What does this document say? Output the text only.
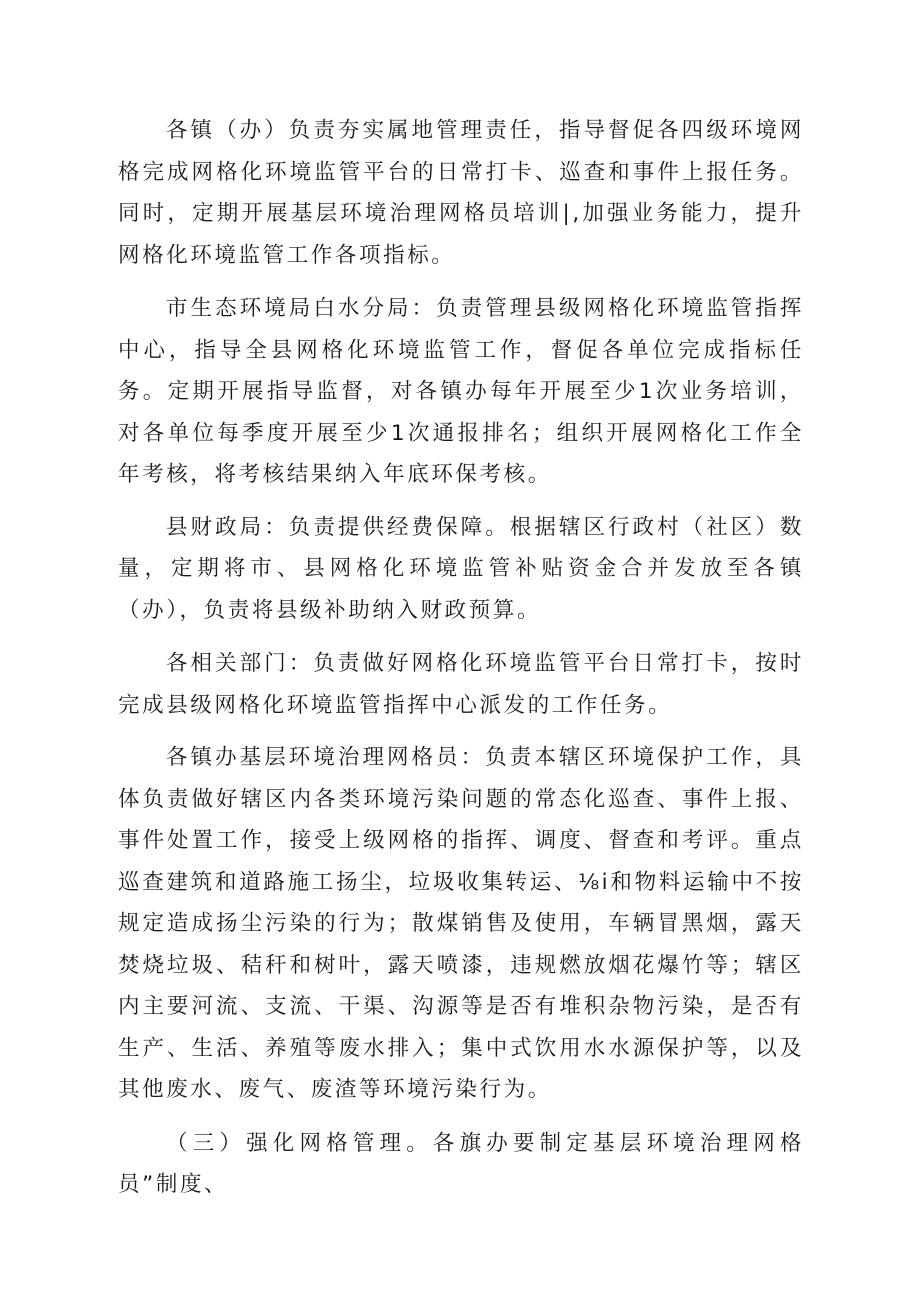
各镇（办）负责夯实属地管理责任，指导督促各四级环境网格完成网格化环境监管平台的日常打卡、巡查和事件上报任务。同时，定期开展基层环境治理网格员培训|,加强业务能力，提升网格化环境监管工作各项指标。

市生态环境局白水分局：负责管理县级网格化环境监管指挥中心，指导全县网格化环境监管工作，督促各单位完成指标任务。定期开展指导监督，对各镇办每年开展至少1次业务培训，对各单位每季度开展至少1次通报排名；组织开展网格化工作全年考核，将考核结果纳入年底环保考核。

县财政局：负责提供经费保障。根据辖区行政村（社区）数量，定期将市、县网格化环境监管补贴资金合并发放至各镇（办），负责将县级补助纳入财政预算。

各相关部门：负责做好网格化环境监管平台日常打卡，按时完成县级网格化环境监管指挥中心派发的工作任务。

各镇办基层环境治理网格员：负责本辖区环境保护工作，具体负责做好辖区内各类环境污染问题的常态化巡查、事件上报、事件处置工作，接受上级网格的指挥、调度、督查和考评。重点巡查建筑和道路施工扬尘，垃圾收集转运、⅛i和物料运输中不按规定造成扬尘污染的行为；散煤销售及使用，车辆冒黑烟，露天焚烧垃圾、秸秆和树叶，露天喷漆，违规燃放烟花爆竹等；辖区内主要河流、支流、干渠、沟源等是否有堆积杂物污染，是否有生产、生活、养殖等废水排入；集中式饮用水水源保护等，以及其他废水、废气、废渣等环境污染行为。

（三）强化网格管理。各旗办要制定基层环境治理网格员”制度、
